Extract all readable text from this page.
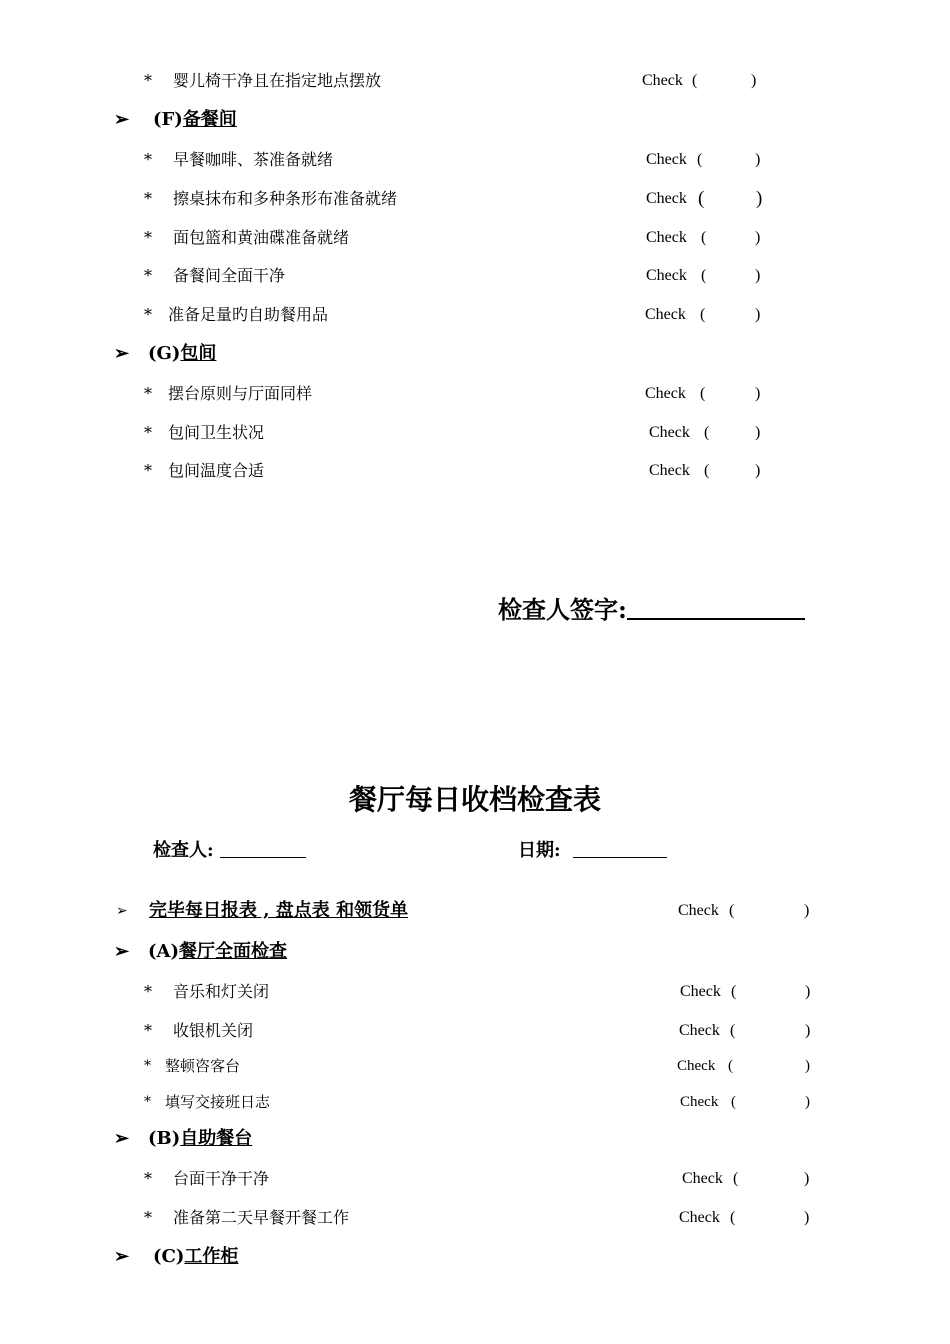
* 婴儿椅干净且在指定地点摆放	Check (	)
➢ (F)备餐间
* 早餐咖啡、茶准备就绪	Check (	)
* 擦桌抹布和多种条形布准备就绪	Check (	)
* 面包篮和黄油碟准备就绪	Check (	)
* 备餐间全面干净	Check (	)
* 准备足量旳自助餐用品	Check (	)
➢ (G)包间
* 摆台原则与厅面同样	Check (	)
* 包间卫生状况	Check (	)
* 包间温度合适	Check (	)
检查人签字:
餐厅每日收档检查表
检查人:	日期:
➢ 完毕每日报表 , 盘点表 和领货单	Check (	)
➢ (A)餐厅全面检查
* 音乐和灯关闭	Check (	)
* 收银机关闭	Check (	)
* 整顿咨客台	Check (	)
* 填写交接班日志	Check (	)
➢ (B)自助餐台
* 台面干净干净	Check (	)
* 准备第二天早餐开餐工作	Check (	)
➢ (C)工作柜
